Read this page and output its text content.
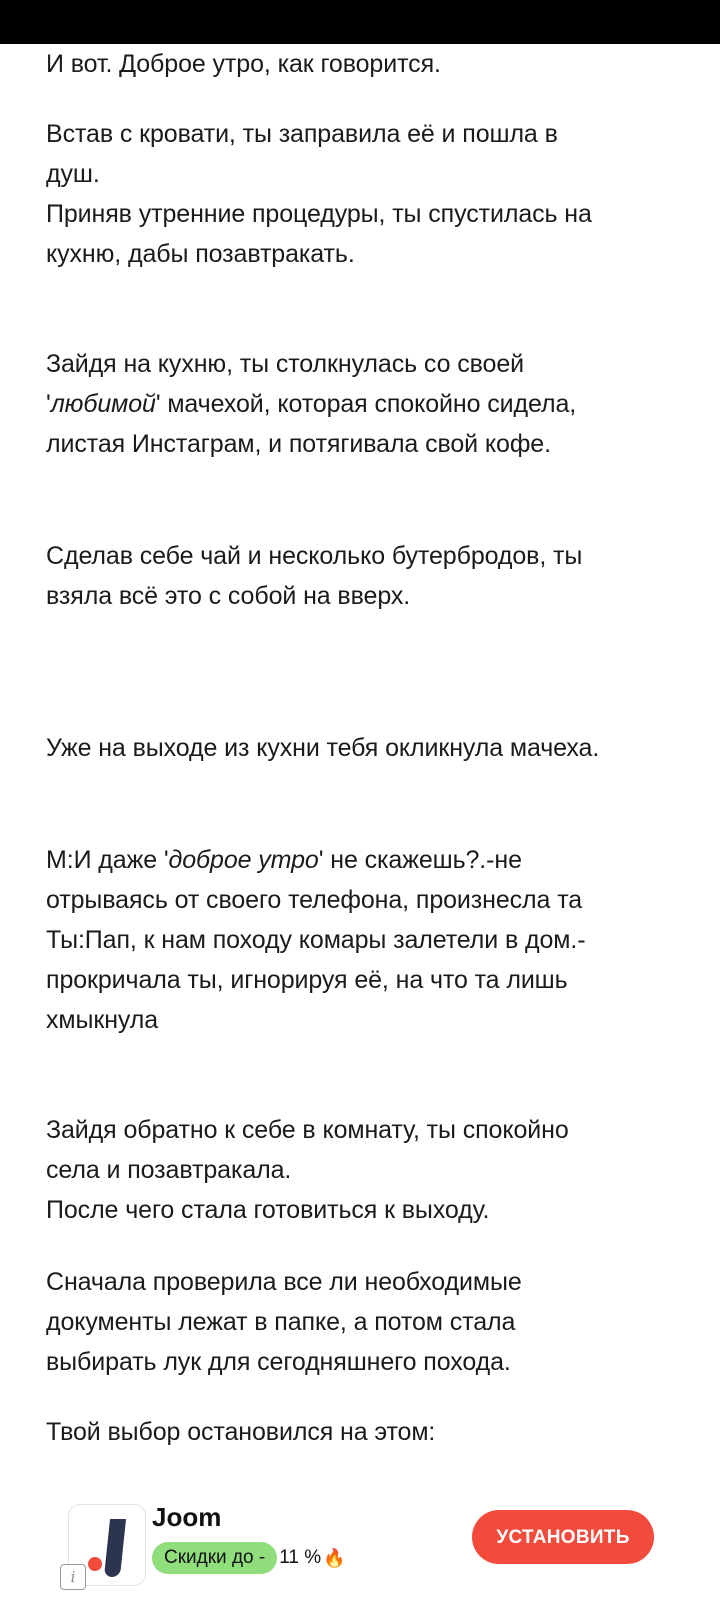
И вот. Доброе утро, как говорится.

Встав с кровати, ты заправила её и пошла в
душ.
Приняв утренние процедуры, ты спустилась на
кухню, дабы позавтракать.

Зайдя на кухню, ты столкнулась со своей
'любимой' мачехой, которая спокойно сидела,
листая Инстаграм, и потягивала свой кофе.

Сделав себе чай и несколько бутербродов, ты
взяла всё это с собой на вверх.

Уже на выходе из кухни тебя окликнула мачеха.

М:И даже 'доброе утро' не скажешь?.-не
отрываясь от своего телефона, произнесла та
Ты:Пап, к нам походу комары залетели в дом.-
прокричала ты, игнорируя её, на что та лишь
хмыкнула

Зайдя обратно к себе в комнату, ты спокойно
села и позавтракала.
После чего стала готовиться к выходу.

Сначала проверила все ли необходимые
документы лежат в папке, а потом стала
выбирать лук для сегодняшнего похода.

Твой выбор остановился на этом:

i
Joom
Скидки до - 11 % 🔥
УСТАНОВИТЬ
